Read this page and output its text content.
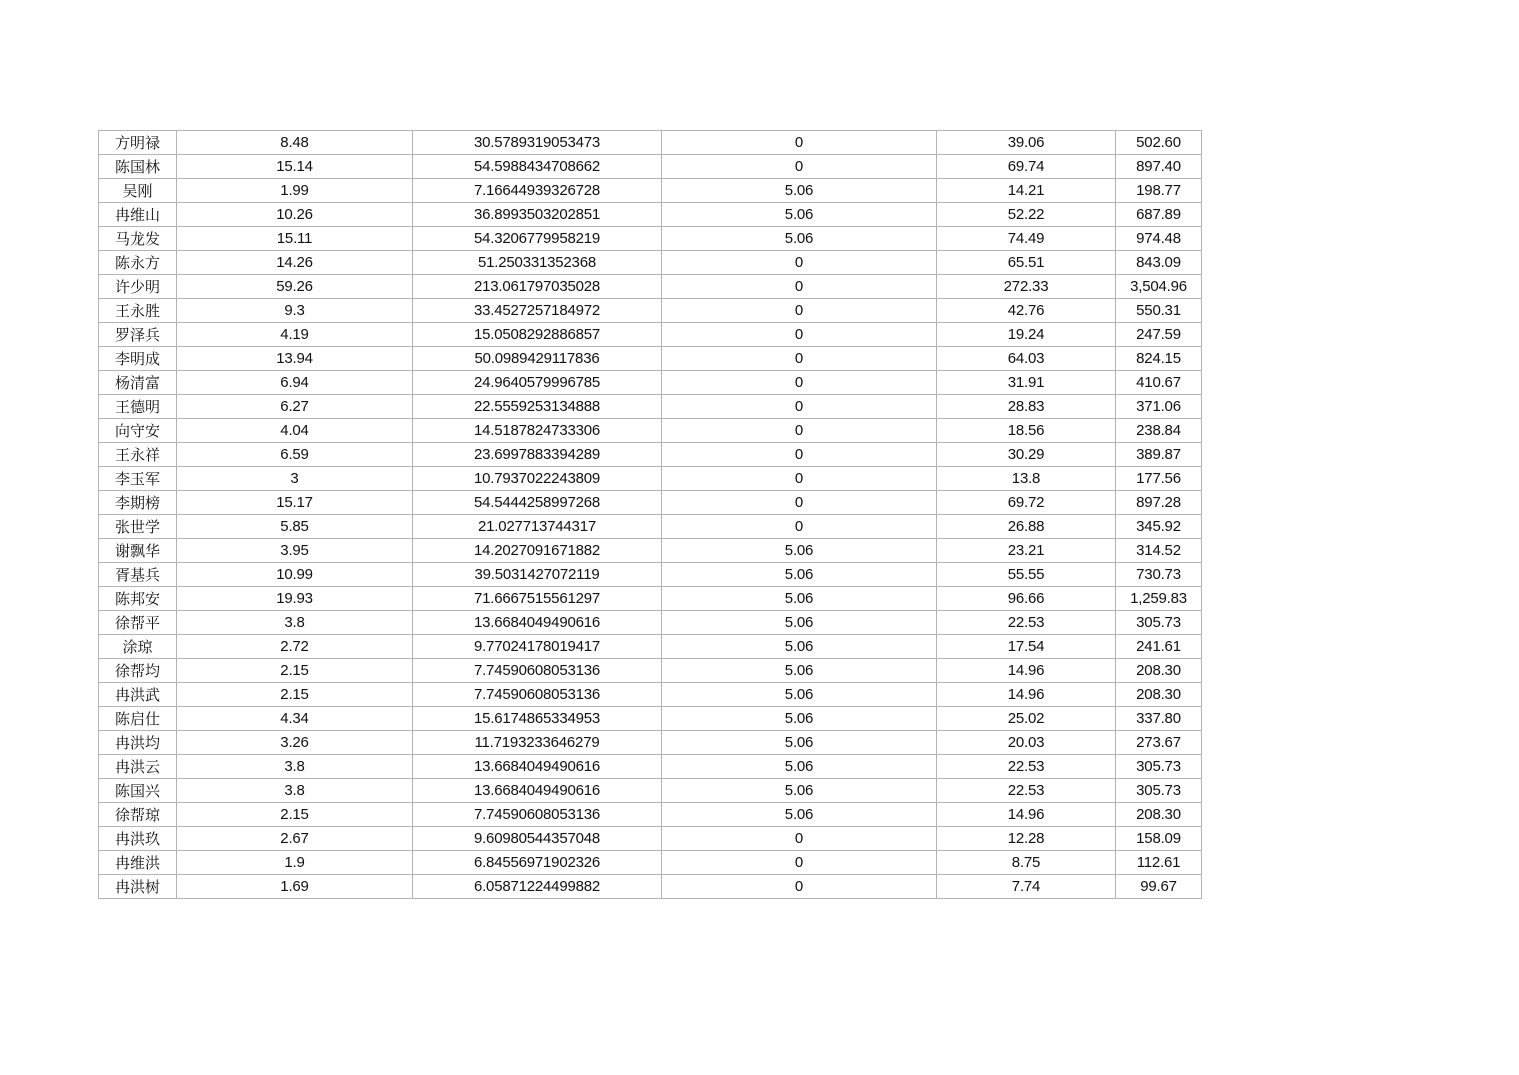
方明禄	8.48	30.5789319053473	0	39.06	502.60
陈国林	15.14	54.5988434708662	0	69.74	897.40
吴刚	1.99	7.16644939326728	5.06	14.21	198.77
冉维山	10.26	36.8993503202851	5.06	52.22	687.89
马龙发	15.11	54.3206779958219	5.06	74.49	974.48
陈永方	14.26	51.250331352368	0	65.51	843.09
许少明	59.26	213.061797035028	0	272.33	3,504.96
王永胜	9.3	33.4527257184972	0	42.76	550.31
罗泽兵	4.19	15.0508292886857	0	19.24	247.59
李明成	13.94	50.0989429117836	0	64.03	824.15
杨清富	6.94	24.9640579996785	0	31.91	410.67
王德明	6.27	22.5559253134888	0	28.83	371.06
向守安	4.04	14.5187824733306	0	18.56	238.84
王永祥	6.59	23.6997883394289	0	30.29	389.87
李玉军	3	10.7937022243809	0	13.8	177.56
李期榜	15.17	54.5444258997268	0	69.72	897.28
张世学	5.85	21.027713744317	0	26.88	345.92
谢飘华	3.95	14.2027091671882	5.06	23.21	314.52
胥基兵	10.99	39.5031427072119	5.06	55.55	730.73
陈邦安	19.93	71.6667515561297	5.06	96.66	1,259.83
徐帮平	3.8	13.6684049490616	5.06	22.53	305.73
涂琼	2.72	9.77024178019417	5.06	17.54	241.61
徐帮均	2.15	7.74590608053136	5.06	14.96	208.30
冉洪武	2.15	7.74590608053136	5.06	14.96	208.30
陈启仕	4.34	15.6174865334953	5.06	25.02	337.80
冉洪均	3.26	11.7193233646279	5.06	20.03	273.67
冉洪云	3.8	13.6684049490616	5.06	22.53	305.73
陈国兴	3.8	13.6684049490616	5.06	22.53	305.73
徐帮琼	2.15	7.74590608053136	5.06	14.96	208.30
冉洪玖	2.67	9.60980544357048	0	12.28	158.09
冉维洪	1.9	6.84556971902326	0	8.75	112.61
冉洪树	1.69	6.05871224499882	0	7.74	99.67
